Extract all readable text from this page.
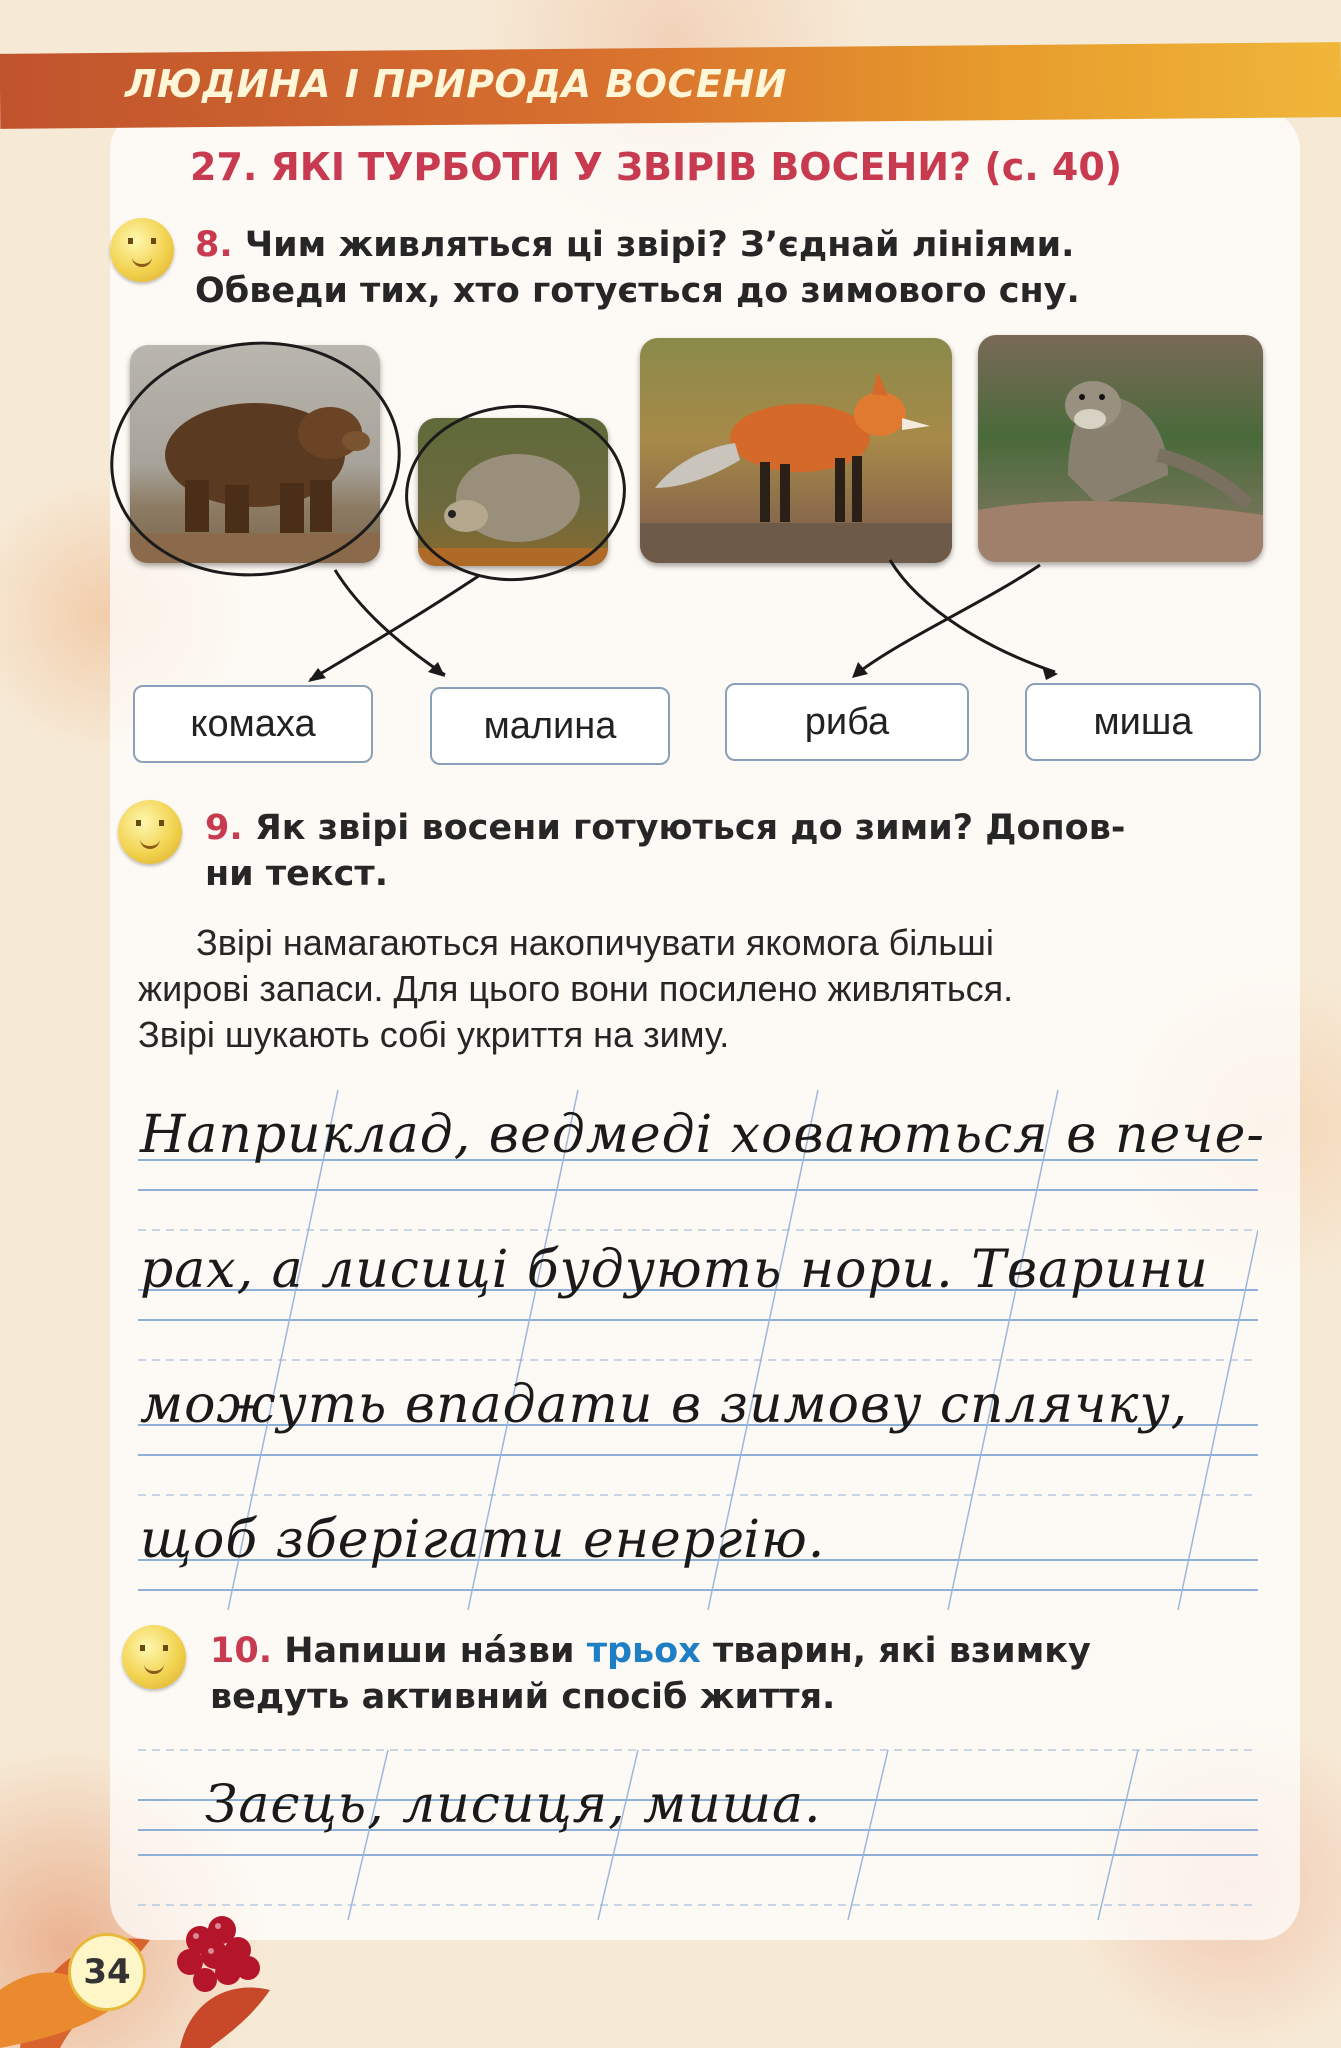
ЛЮДИНА І ПРИРОДА ВОСЕНИ
27. ЯКІ ТУРБОТИ У ЗВІРІВ ВОСЕНИ? (с. 40)
8. Чим живляться ці звірі? З’єднай лініями.
Обведи тих, хто готується до зимового сну.
комаха	малина	риба	миша
9. Як звірі восени готуються до зими? Допов-
ни текст.
Звірі намагаються накопичувати якомога більші
жирові запаси. Для цього вони посилено живляться.
Звірі шукають собі укриття на зиму.
Наприклад, ведмеді ховаються в пече-
рах, а лисиці будують нори. Тварини
можуть впадати в зимову сплячку,
щоб зберігати енергію.
10. Напиши на́зви трьох тварин, які взимку
ведуть активний спосіб життя.
Заєць, лисиця, миша.
34
